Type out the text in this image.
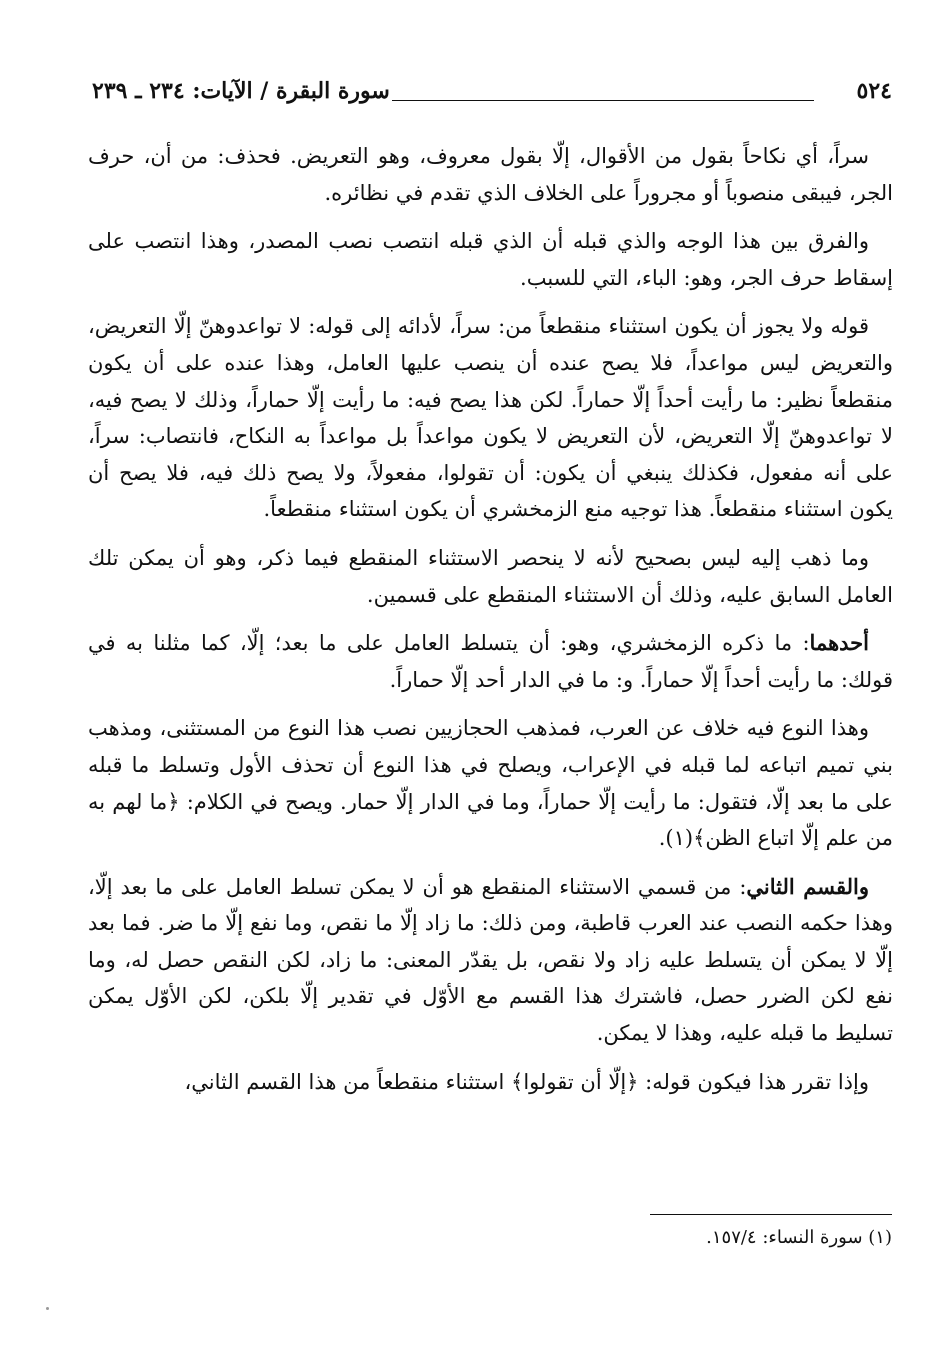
٥٢٤
سورة البقرة / الآيات: ٢٣٤ ـ ٢٣٩

سراً، أي نكاحاً بقول من الأقوال، إلّا بقول معروف، وهو التعريض. فحذف: من أن، حرف الجر، فيبقى منصوباً أو مجروراً على الخلاف الذي تقدم في نظائره.

والفرق بين هذا الوجه والذي قبله أن الذي قبله انتصب نصب المصدر، وهذا انتصب على إسقاط حرف الجر، وهو: الباء، التي للسبب.

قوله ولا يجوز أن يكون استثناء منقطعاً من: سراً، لأدائه إلى قوله: لا تواعدوهنّ إلّا التعريض، والتعريض ليس مواعداً، فلا يصح عنده أن ينصب عليها العامل، وهذا عنده على أن يكون منقطعاً نظير: ما رأيت أحداً إلّا حماراً. لكن هذا يصح فيه: ما رأيت إلّا حماراً، وذلك لا يصح فيه، لا تواعدوهنّ إلّا التعريض، لأن التعريض لا يكون مواعداً بل مواعداً به النكاح، فانتصاب: سراً، على أنه مفعول، فكذلك ينبغي أن يكون: أن تقولوا، مفعولاً، ولا يصح ذلك فيه، فلا يصح أن يكون استثناء منقطعاً. هذا توجيه منع الزمخشري أن يكون استثناء منقطعاً.

وما ذهب إليه ليس بصحيح لأنه لا ينحصر الاستثناء المنقطع فيما ذكر، وهو أن يمكن تلك العامل السابق عليه، وذلك أن الاستثناء المنقطع على قسمين.

أحدهما: ما ذكره الزمخشري، وهو: أن يتسلط العامل على ما بعد؛ إلّا، كما مثلنا به في قولك: ما رأيت أحداً إلّا حماراً. و: ما في الدار أحد إلّا حماراً.

وهذا النوع فيه خلاف عن العرب، فمذهب الحجازيين نصب هذا النوع من المستثنى، ومذهب بني تميم اتباعه لما قبله في الإعراب، ويصلح في هذا النوع أن تحذف الأول وتسلط ما قبله على ما بعد إلّا، فتقول: ما رأيت إلّا حماراً، وما في الدار إلّا حمار. ويصح في الكلام: ﴿ما لهم به من علم إلّا اتباع الظن﴾(١).

والقسم الثاني: من قسمي الاستثناء المنقطع هو أن لا يمكن تسلط العامل على ما بعد إلّا، وهذا حكمه النصب عند العرب قاطبة، ومن ذلك: ما زاد إلّا ما نقص، وما نفع إلّا ما ضر. فما بعد إلّا لا يمكن أن يتسلط عليه زاد ولا نقص، بل يقدّر المعنى: ما زاد، لكن النقص حصل له، وما نفع لكن الضرر حصل، فاشترك هذا القسم مع الأوّل في تقدير إلّا بلكن، لكن الأوّل يمكن تسليط ما قبله عليه، وهذا لا يمكن.

وإذا تقرر هذا فيكون قوله: ﴿إلّا أن تقولوا﴾ استثناء منقطعاً من هذا القسم الثاني،

(١) سورة النساء: ١٥٧/٤.
